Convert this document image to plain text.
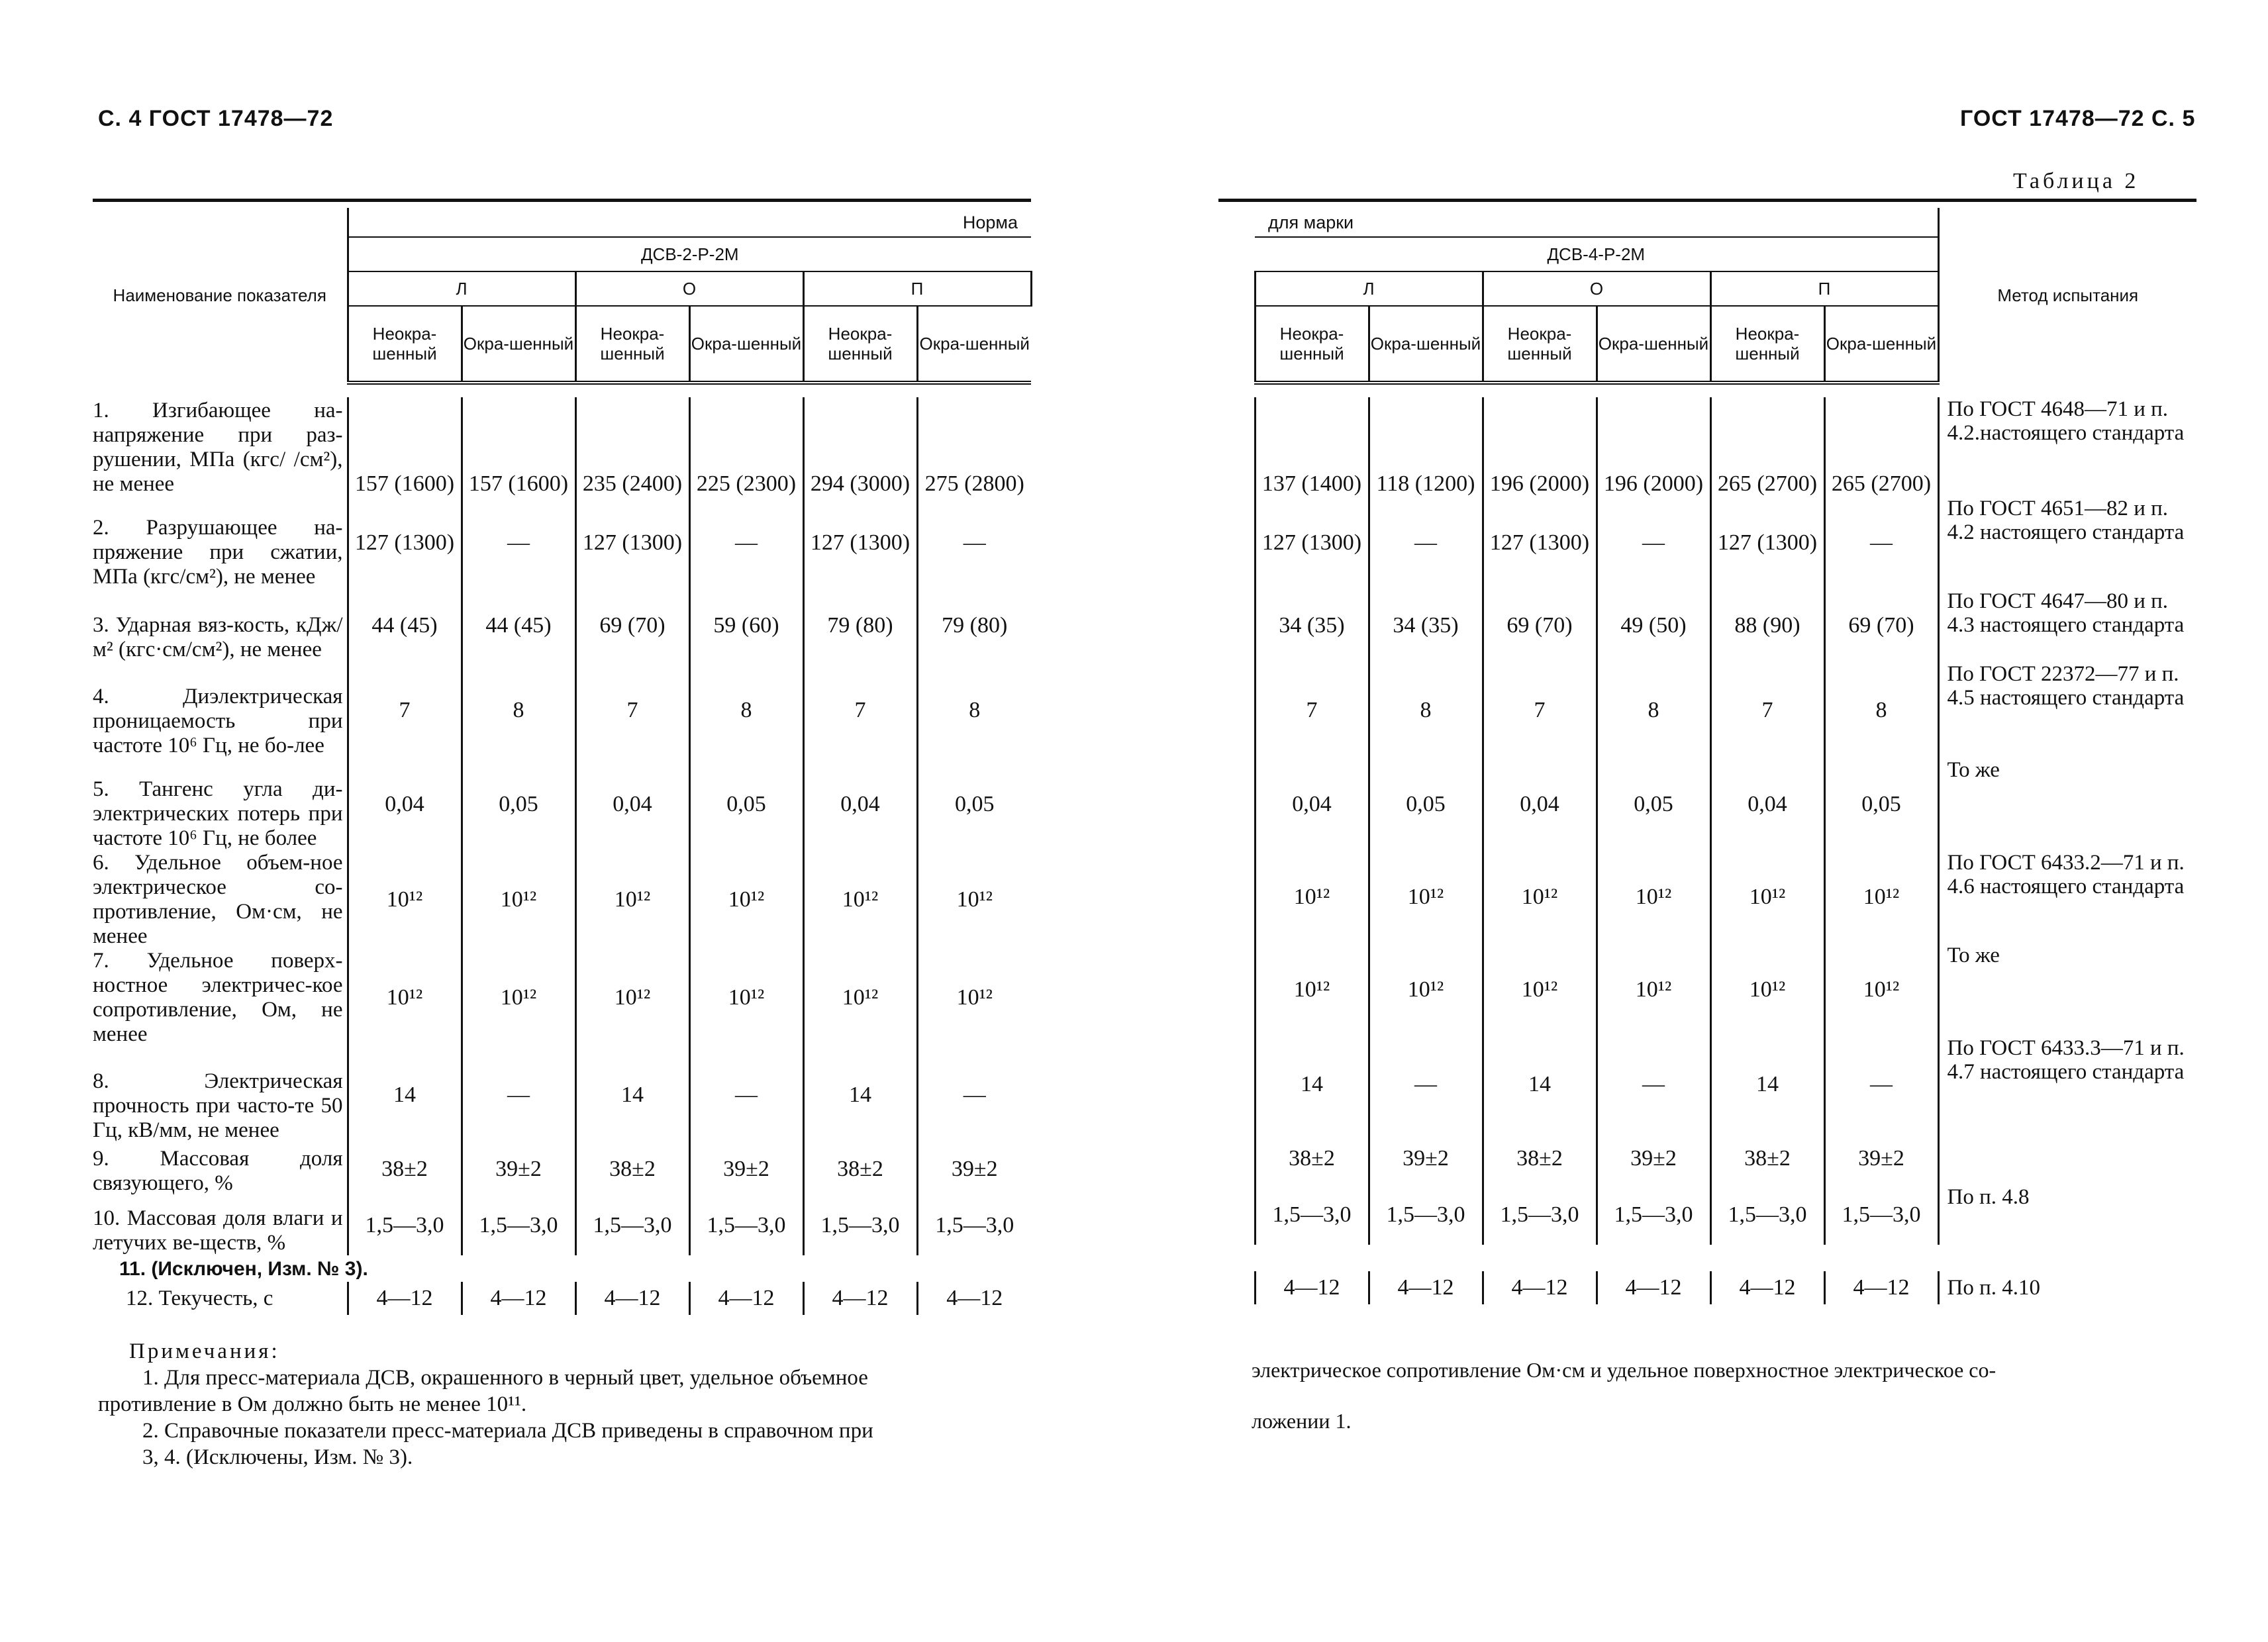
С. 4 ГОСТ 17478—72	ГОСТ 17478—72 С. 5
Таблица 2
Наименование показателя	Норма					
	ДСВ-2-Р-2М					
	Л		О		П	
	Неокра-шенный	Окра-шенный	Неокра-шенный	Окра-шенный	Неокра-шенный	Окра-шенный

1. Изгибающее на-напряжение при раз-рушении, МПа (кгс/ /см²), не менее	157 (1600)	157 (1600)	235 (2400)	225 (2300)	294 (3000)	275 (2800)
2. Разрушающее на-пряжение при сжатии, МПа (кгс/см²), не менее	127 (1300)	—	127 (1300)	—	127 (1300)	—
3. Ударная вяз-кость, кДж/м² (кгс·см/см²), не менее	44 (45)	44 (45)	69 (70)	59 (60)	79 (80)	79 (80)
4. Диэлектрическая проницаемость при частоте 10⁶ Гц, не бо-лее	7	8	7	8	7	8
5. Тангенс угла ди-электрических потерь при частоте 10⁶ Гц, не более	0,04	0,05	0,04	0,05	0,04	0,05
6. Удельное объем-ное электрическое со-противление, Ом·см, не менее	10¹²	10¹²	10¹²	10¹²	10¹²	10¹²
7. Удельное поверх-ностное электричес-кое сопротивление, Ом, не менее	10¹²	10¹²	10¹²	10¹²	10¹²	10¹²
8. Электрическая прочность при часто-те 50 Гц, кВ/мм, не менее	14	—	14	—	14	—
9. Массовая доля связующего, %	38±2	39±2	38±2	39±2	38±2	39±2
10. Массовая доля влаги и летучих ве-ществ, %	1,5—3,0	1,5—3,0	1,5—3,0	1,5—3,0	1,5—3,0	1,5—3,0
11. (Исключен, Изм. № 3).						
12. Текучесть, с	4—12	4—12	4—12	4—12	4—12	4—12
	для марки						Метод испытания
	ДСВ-4-Р-2М						
	Л		О		П		
	Неокра-шенный	Окра-шенный	Неокра-шенный	Окра-шенный	Неокра-шенный	Окра-шенный	

	137 (1400)	118 (1200)	196 (2000)	196 (2000)	265 (2700)	265 (2700)	По ГОСТ 4648—71 и п. 4.2.настоящего стандарта
	127 (1300)	—	127 (1300)	—	127 (1300)	—	По ГОСТ 4651—82 и п. 4.2 настоящего стандарта
	34 (35)	34 (35)	69 (70)	49 (50)	88 (90)	69 (70)	По ГОСТ 4647—80 и п. 4.3 настоящего стандарта
	7	8	7	8	7	8	По ГОСТ 22372—77 и п. 4.5 настоящего стандарта
	0,04	0,05	0,04	0,05	0,04	0,05	То же
	10¹²	10¹²	10¹²	10¹²	10¹²	10¹²	По ГОСТ 6433.2—71 и п. 4.6 настоящего стандарта
	10¹²	10¹²	10¹²	10¹²	10¹²	10¹²	То же
	14	—	14	—	14	—	По ГОСТ 6433.3—71 и п. 4.7 настоящего стандарта
	38±2	39±2	38±2	39±2	38±2	39±2	
	1,5—3,0	1,5—3,0	1,5—3,0	1,5—3,0	1,5—3,0	1,5—3,0	По п. 4.8

	4—12	4—12	4—12	4—12	4—12	4—12	По п. 4.10
Примечания:
1. Для пресс-материала ДСВ, окрашенного в черный цвет, удельное объемное
противление в Ом должно быть не менее 10¹¹.
2. Справочные показатели пресс-материала ДСВ приведены в справочном при
3, 4. (Исключены, Изм. № 3).
электрическое сопротивление Ом·см и удельное поверхностное электрическое со-
ложении 1.
